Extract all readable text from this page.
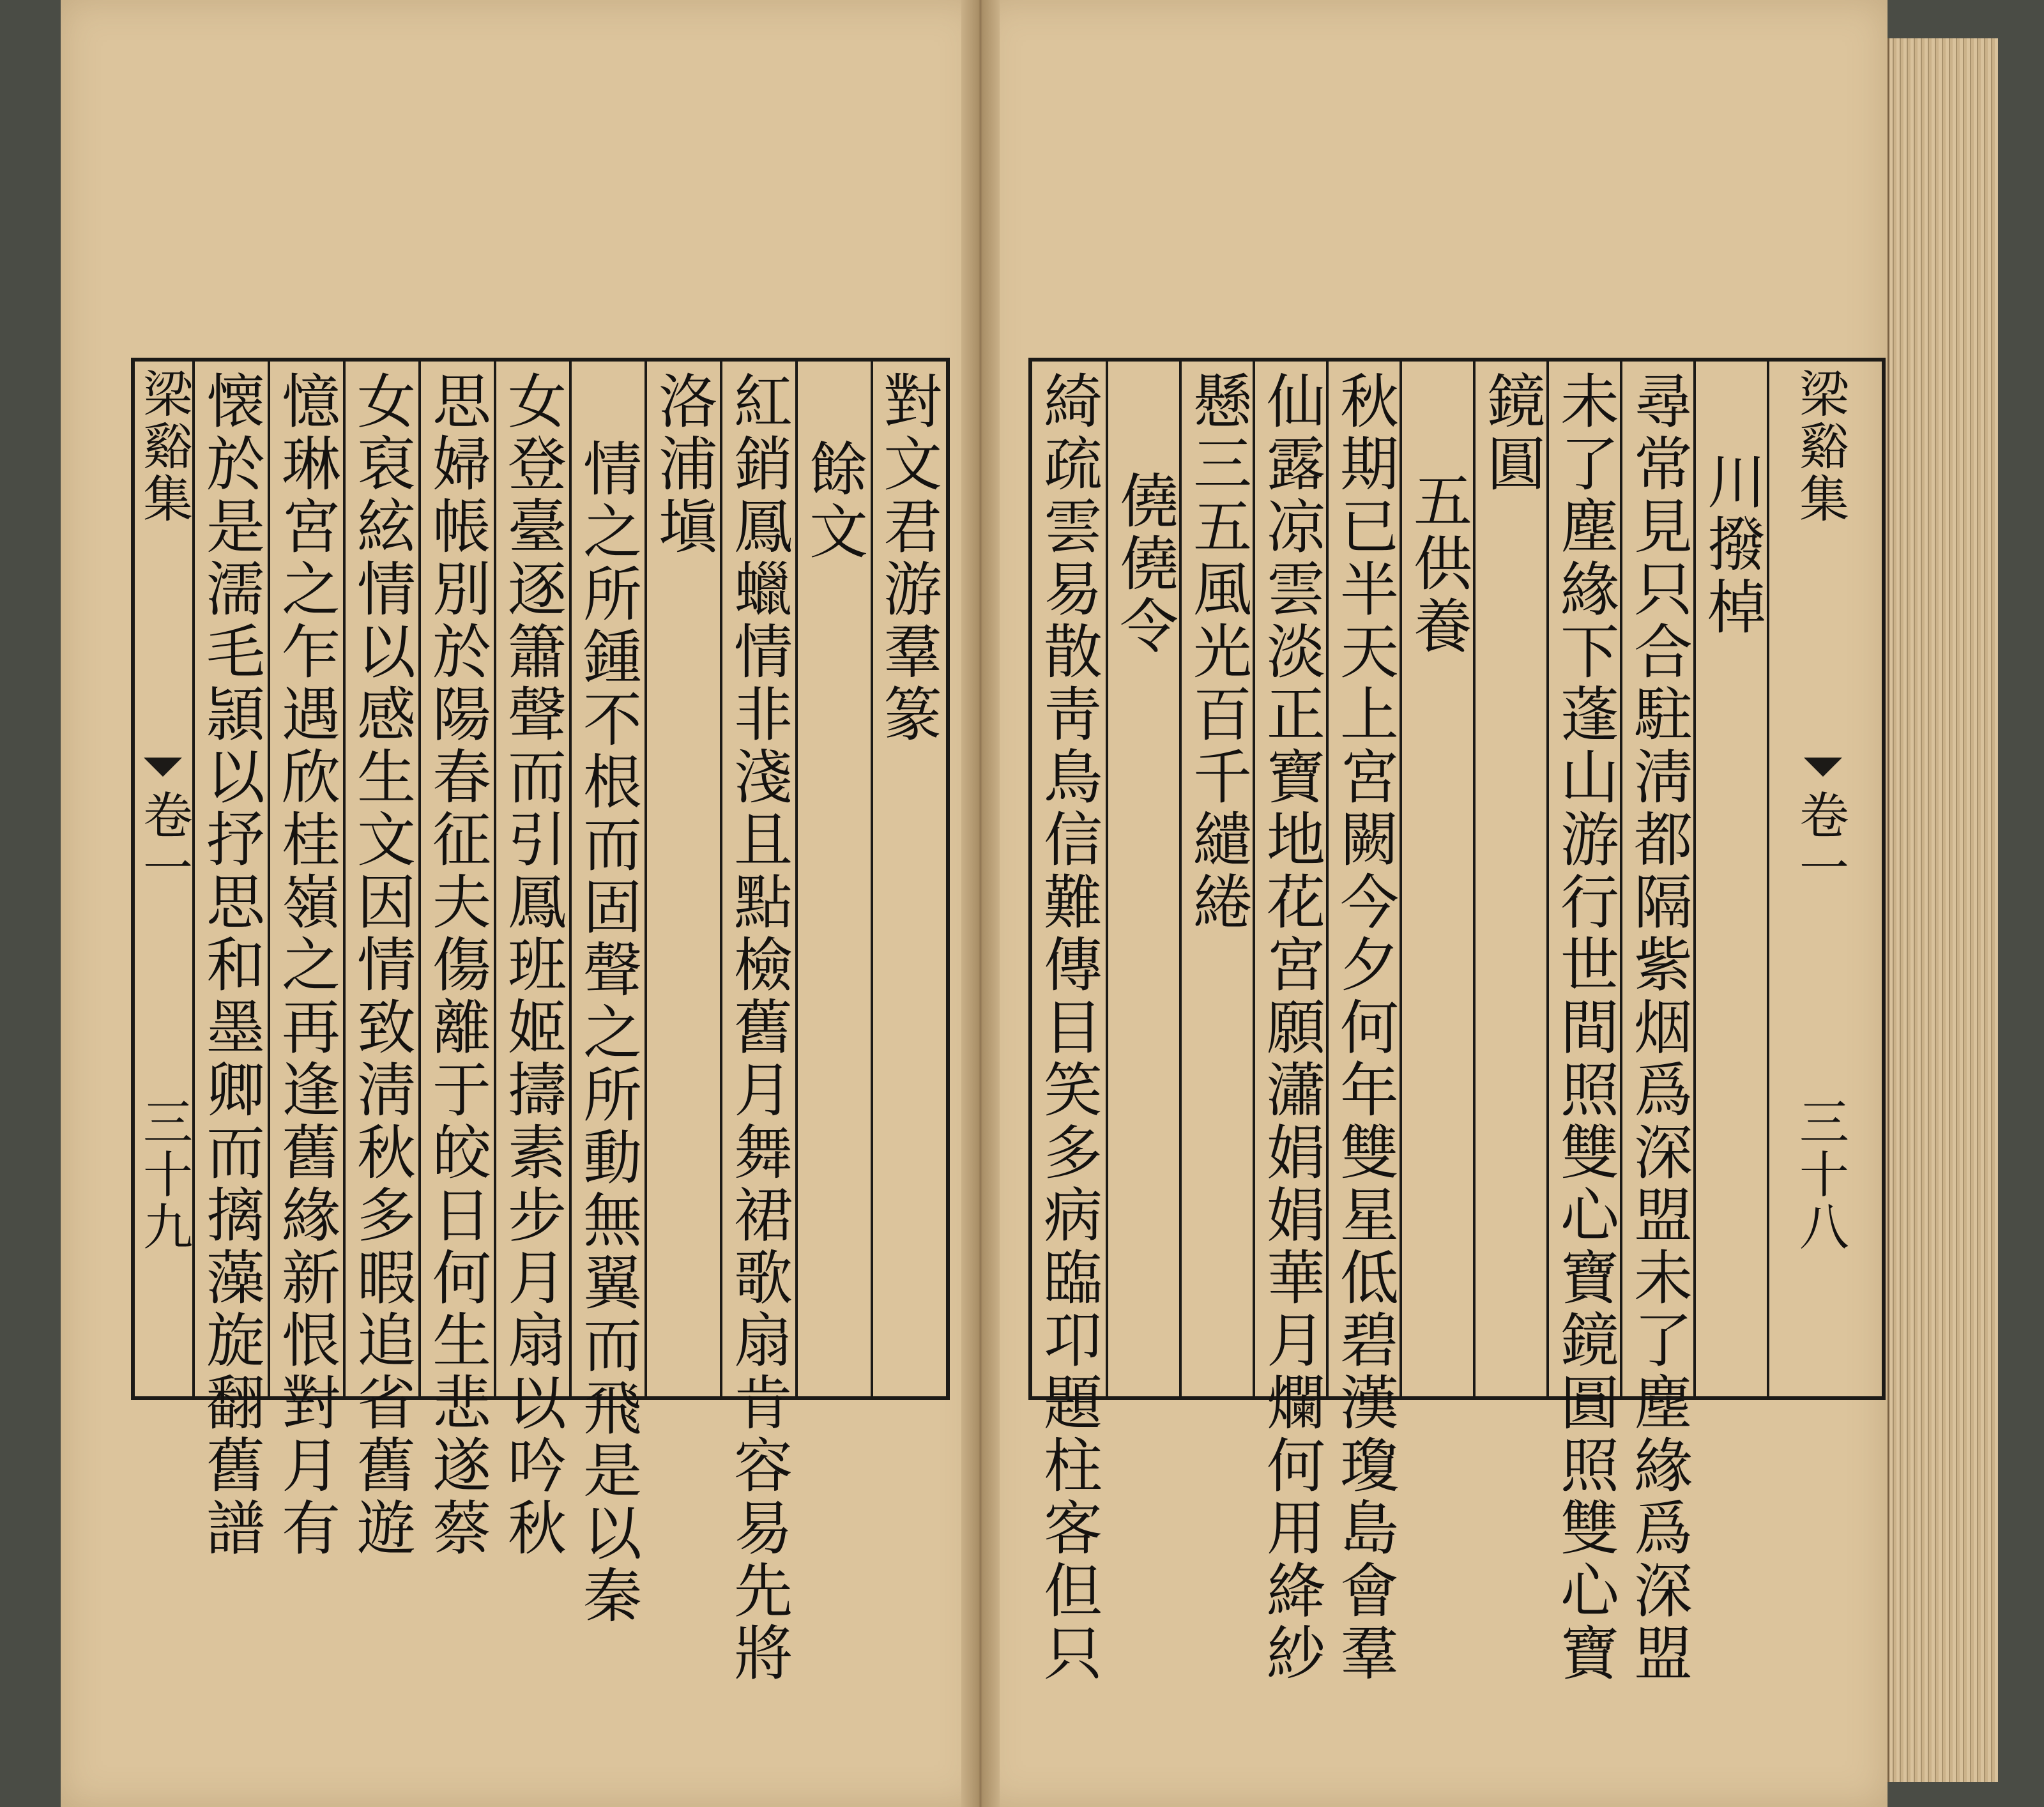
梁谿集
卷一
三十九 懐於是濡毛頴以抒思和墨卿而摛藻旋翻舊譜 憶琳宮之乍遇欣桂嶺之再逢舊緣新恨對月有 女裒絃情以感生文因情致淸秋多暇追省舊遊 思婦帳別於陽春征夫傷離于皎日何生悲遂蔡 女登臺逐簫聲而引鳳班姬擣素步月扇以吟秋 情之所鍾不根而固聲之所動無翼而飛是以秦 洛浦塡 紅銷鳳蠟情非淺且點檢舊月舞裙歌扇肯容易先將 餘文 對文君游羣篆 綺疏雲易散靑鳥信難傳目笑多病臨卭題柱客但只 僥僥令 懸三五風光百千繾綣 仙露凉雲淡正寶地花宮願瀟娟娟華月爛何用絳紗 秋期已半天上宮闕今夕何年雙星低碧漢瓊島會羣 五供養
鏡圓 未了塵緣下蓬山游行世間照雙心寶鏡圓照雙心寶 尋常見只合駐淸都隔紫烟爲深盟未了塵緣爲深盟 川撥棹
梁谿集
卷一
三十八
